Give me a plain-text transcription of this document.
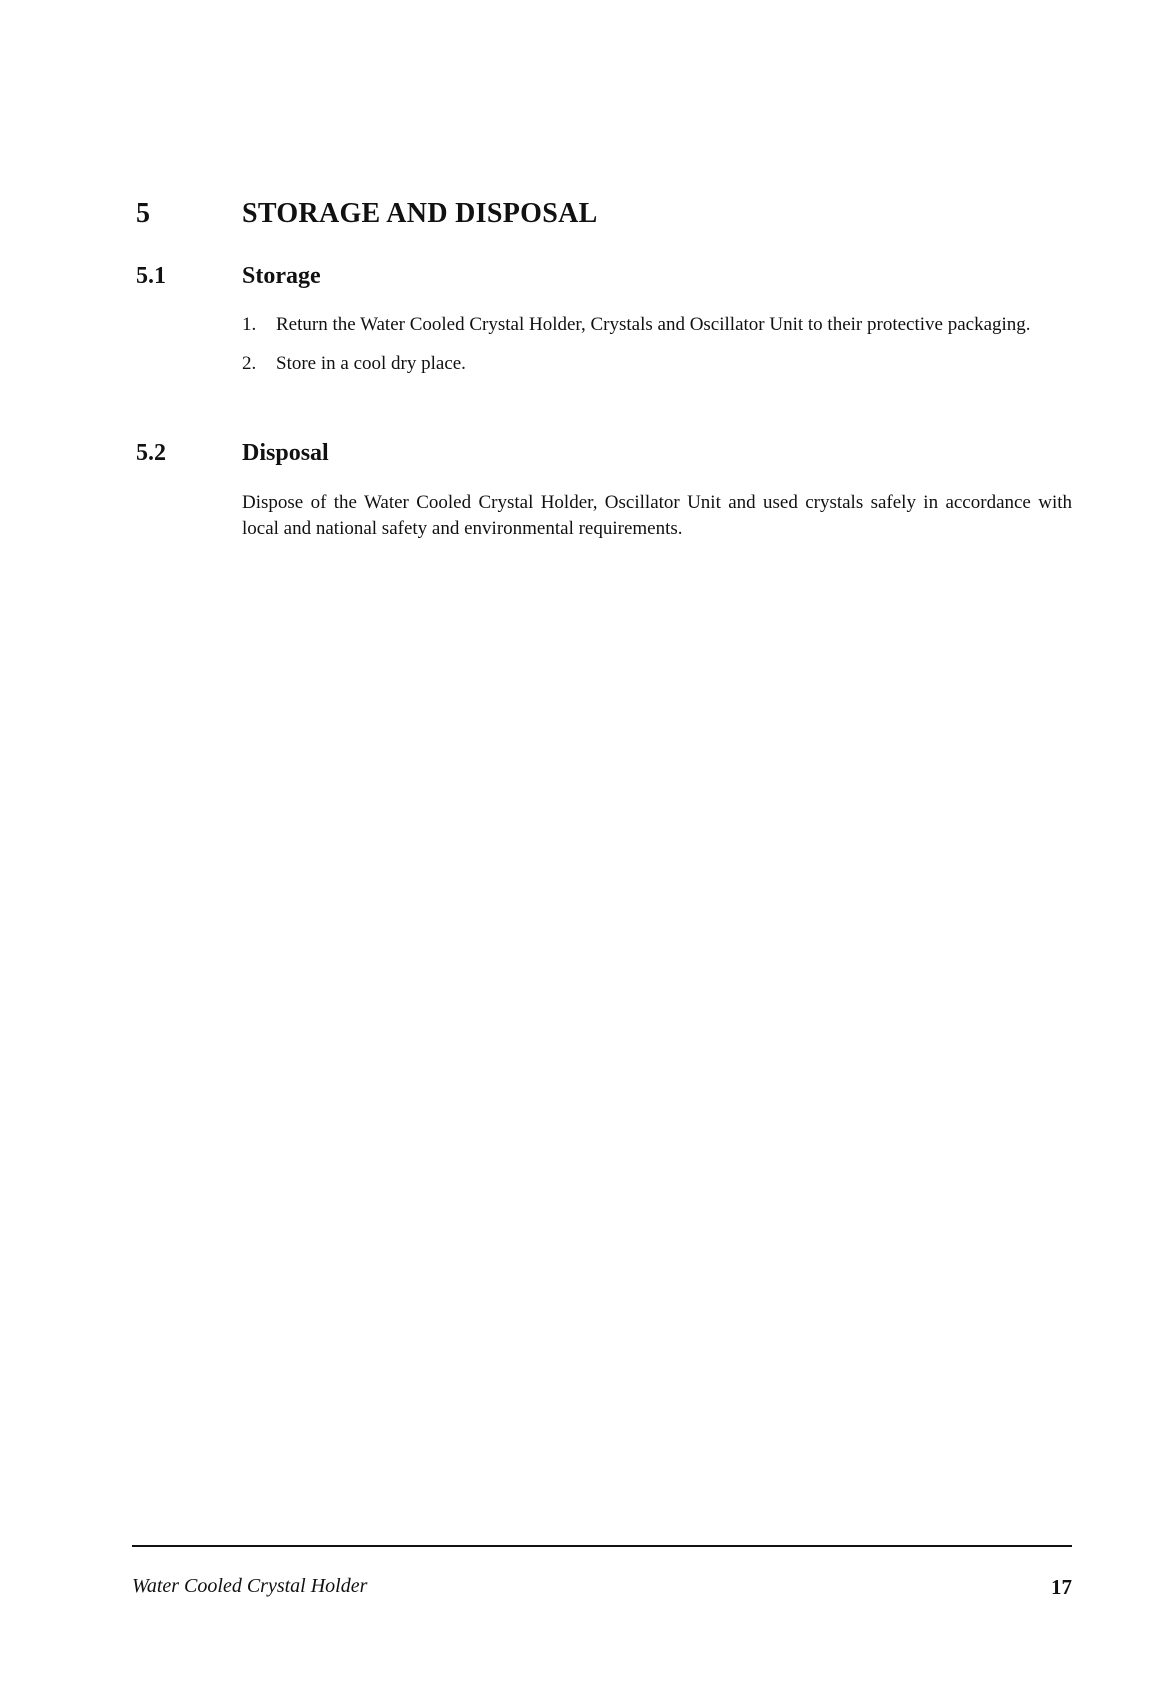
5	STORAGE AND DISPOSAL
5.1	Storage
1.	Return the Water Cooled Crystal Holder, Crystals and Oscillator Unit to their protective packaging.
2.	Store in a cool dry place.
5.2	Disposal

Dispose of the Water Cooled Crystal Holder, Oscillator Unit and used crystals safely in accordance with local and national safety and environmental requirements.

Water Cooled Crystal Holder	17
